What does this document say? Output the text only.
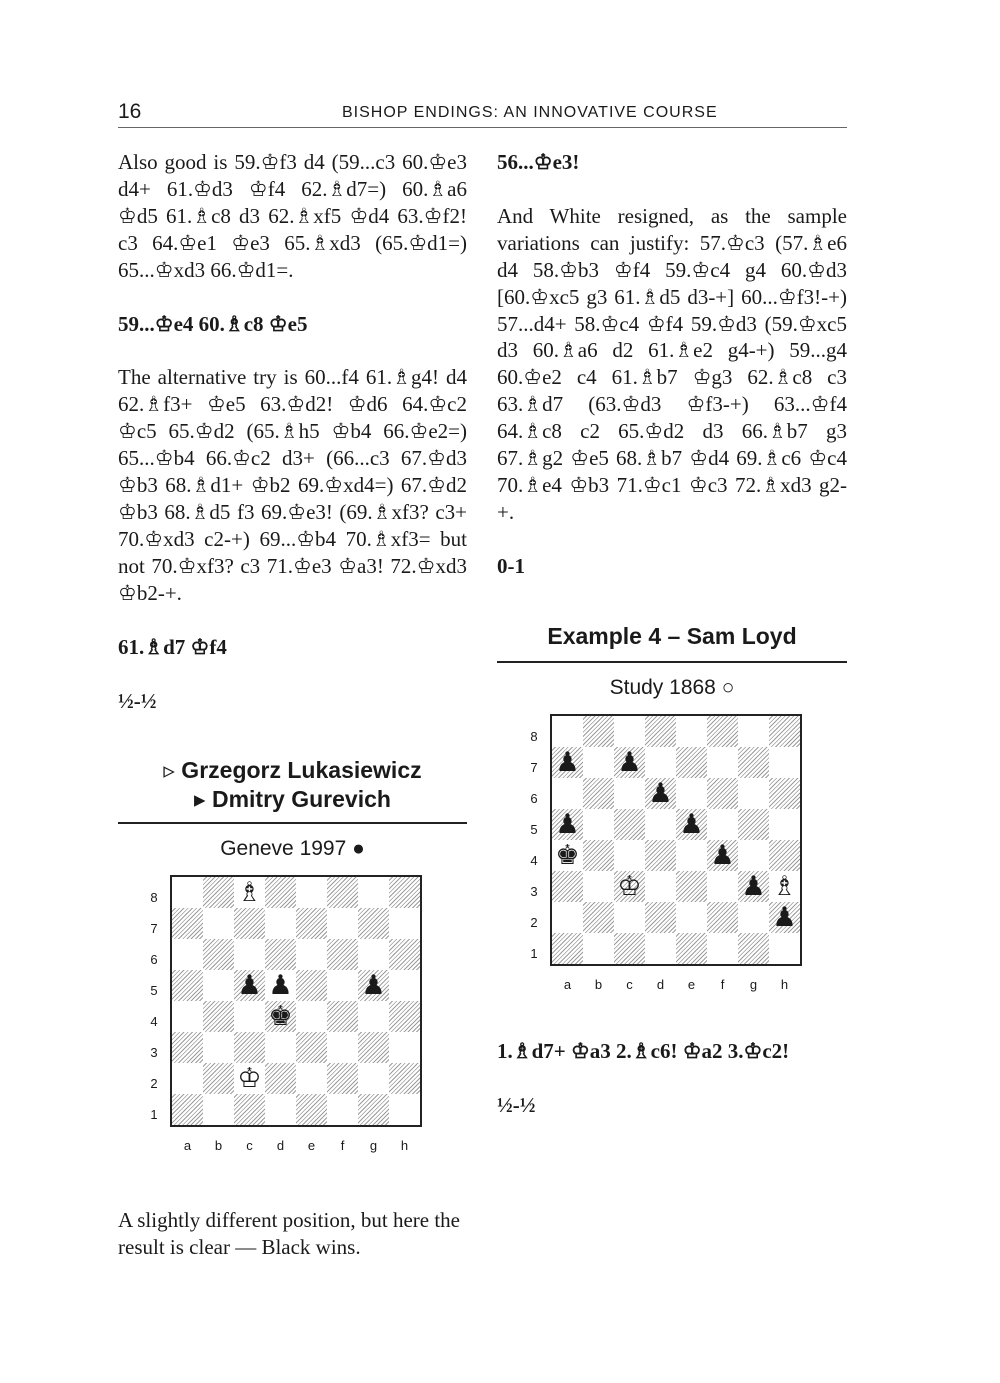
16	BISHOP ENDINGS: AN INNOVATIVE COURSE

Also good is 59.♔f3 d4 (59...c3 60.♔e3 d4+ 61.♔d3 ♔f4 62.♗d7=) 60.♗a6 ♔d5 61.♗c8 d3 62.♗xf5 ♔d4 63.♔f2! c3 64.♔e1 ♔e3 65.♗xd3 (65.♔d1=) 65...♔xd3 66.♔d1=.

59...♔e4 60.♗c8 ♔e5

The alternative try is 60...f4 61.♗g4! d4 62.♗f3+ ♔e5 63.♔d2! ♔d6 64.♔c2 ♔c5 65.♔d2 (65.♗h5 ♔b4 66.♔e2=) 65...♔b4 66.♔c2 d3+ (66...c3 67.♔d3 ♔b3 68.♗d1+ ♔b2 69.♔xd4=) 67.♔d2 ♔b3 68.♗d5 f3 69.♔e3! (69.♗xf3? c3+ 70.♔xd3 c2-+) 69...♔b4 70.♗xf3= but not 70.♔xf3? c3 71.♔e3 ♔a3! 72.♔xd3 ♔b2-+.

61.♗d7 ♔f4

½-½

▹ Grzegorz Lukasiewicz
▸ Dmitry Gurevich
Geneve 1997 ●
♗
♟ ♟	♟
♚
♔
8
7
6
5
4
3
2
1
a	b	c	d	e	f	g	h

A slightly different position, but here the result is clear — Black wins.

56...♔e3!

And White resigned, as the sample variations can justify: 57.♔c3 (57.♗e6 d4 58.♔b3 ♔f4 59.♔c4 g4 60.♔d3 [60.♔xc5 g3 61.♗d5 d3-+] 60...♔f3!-+) 57...d4+ 58.♔c4 ♔f4 59.♔d3 (59.♔xc5 d3 60.♗a6 d2 61.♗e2 g4-+) 59...g4 60.♔e2 c4 61.♗b7 ♔g3 62.♗c8 c3 63.♗d7 (63.♔d3 ♔f3-+) 63...♔f4 64.♗c8 c2 65.♔d2 d3 66.♗b7 g3 67.♗g2 ♔e5 68.♗b7 ♔d4 69.♗c6 ♔c4 70.♗e4 ♔b3 71.♔c1 ♔c3 72.♗xd3 g2-+.

0-1

Example 4 – Sam Loyd
Study 1868 ○
♟ ♟
♟
♟	♟
♚	♟
♔	♟ ♗
♟
8
7
6
5
4
3
2
1
a	b	c	d	e	f	g	h

1.♗d7+ ♔a3 2.♗c6! ♔a2 3.♔c2!

½-½
